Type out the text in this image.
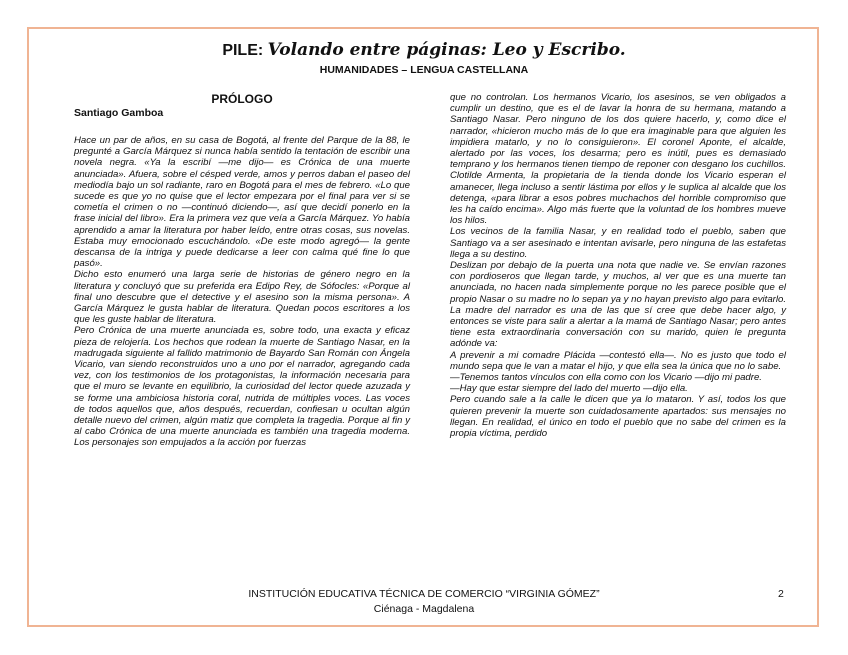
PILE: Volando entre páginas: Leo y Escribo.
HUMANIDADES – LENGUA CASTELLANA
PRÓLOGO
Santiago Gamboa

Hace un par de años, en su casa de Bogotá, al frente del Parque de la 88, le pregunté a García Márquez si nunca había sentido la tentación de escribir una novela negra. «Ya la escribí —me dijo— es Crónica de una muerte anunciada». Afuera, sobre el césped verde, amos y perros daban el paseo del mediodía bajo un sol radiante, raro en Bogotá para el mes de febrero. «Lo que sucede es que yo no quise que el lector empezara por el final para ver si se cometía el crimen o no —continuó diciendo—, así que decidí ponerlo en la frase inicial del libro». Era la primera vez que veía a García Márquez. Yo había aprendido a amar la literatura por haber leído, entre otras cosas, sus novelas. Estaba muy emocionado escuchándolo. «De este modo agregó— la gente descansa de la intriga y puede dedicarse a leer con calma qué fine lo que pasó».

Dicho esto enumeró una larga serie de historias de género negro en la literatura y concluyó que su preferida era Edipo Rey, de Sófocles: «Porque al final uno descubre que el detective y el asesino son la misma persona». A García Márquez le gusta hablar de literatura. Quedan pocos escritores a los que les guste hablar de literatura.

Pero Crónica de una muerte anunciada es, sobre todo, una exacta y eficaz pieza de relojería. Los hechos que rodean la muerte de Santiago Nasar, en la madrugada siguiente al fallido matrimonio de Bayardo San Román con Ángela Vicario, van siendo reconstruidos uno a uno por el narrador, agregando cada vez, con los testimonios de los protagonistas, la información necesaria para que el muro se levante en equilibrio, la curiosidad del lector quede azuzada y se forme una ambiciosa historia coral, nutrida de múltiples voces. Las voces de todos aquellos que, años después, recuerdan, confiesan u ocultan algún detalle nuevo del crimen, algún matiz que completa la tragedia. Porque al fin y al cabo Crónica de una muerte anunciada es también una tragedia moderna. Los personajes son empujados a la acción por fuerzas

que no controlan. Los hermanos Vicario, los asesinos, se ven obligados a cumplir un destino, que es el de lavar la honra de su hermana, matando a Santiago Nasar. Pero ninguno de los dos quiere hacerlo, y, como dice el narrador, «hicieron mucho más de lo que era imaginable para que alguien les impidiera matarlo, y no lo consiguieron». El coronel Aponte, el alcalde, alertado por las voces, los desarma; pero es inútil, pues es demasiado temprano y los hermanos tienen tiempo de reponer con desgano los cuchillos. Clotilde Armenta, la propietaria de la tienda donde los Vicario esperan el amanecer, llega incluso a sentir lástima por ellos y le suplica al alcalde que los detenga, «para librar a esos pobres muchachos del horrible compromiso que les ha caído encima». Algo más fuerte que la voluntad de los hombres mueve los hilos.

Los vecinos de la familia Nasar, y en realidad todo el pueblo, saben que Santiago va a ser asesinado e intentan avisarle, pero ninguna de las estafetas llega a su destino.

Deslizan por debajo de la puerta una nota que nadie ve. Se envían razones con pordioseros que llegan tarde, y muchos, al ver que es una muerte tan anunciada, no hacen nada simplemente porque no les parece posible que el propio Nasar o su madre no lo sepan ya y no hayan previsto algo para evitarlo. La madre del narrador es una de las que sí cree que debe hacer algo, y entonces se viste para salir a alertar a la mamá de Santiago Nasar; pero antes tiene esta extraordinaria conversación con su marido, quien le pregunta adónde va:

A prevenir a mi comadre Plácida —contestó ella—. No es justo que todo el mundo sepa que le van a matar el hijo, y que ella sea la única que no lo sabe.

—Tenemos tantos vínculos con ella como con los Vicario —dijo mi padre.

—Hay que estar siempre del lado del muerto —dijo ella.

Pero cuando sale a la calle le dicen que ya lo mataron. Y así, todos los que quieren prevenir la muerte son cuidadosamente apartados: sus mensajes no llegan. En realidad, el único en todo el pueblo que no sabe del crimen es la propia víctima, perdido

INSTITUCIÓN EDUCATIVA TÉCNICA DE COMERCIO “VIRGINIA GÓMEZ”
Ciénaga - Magdalena
2
